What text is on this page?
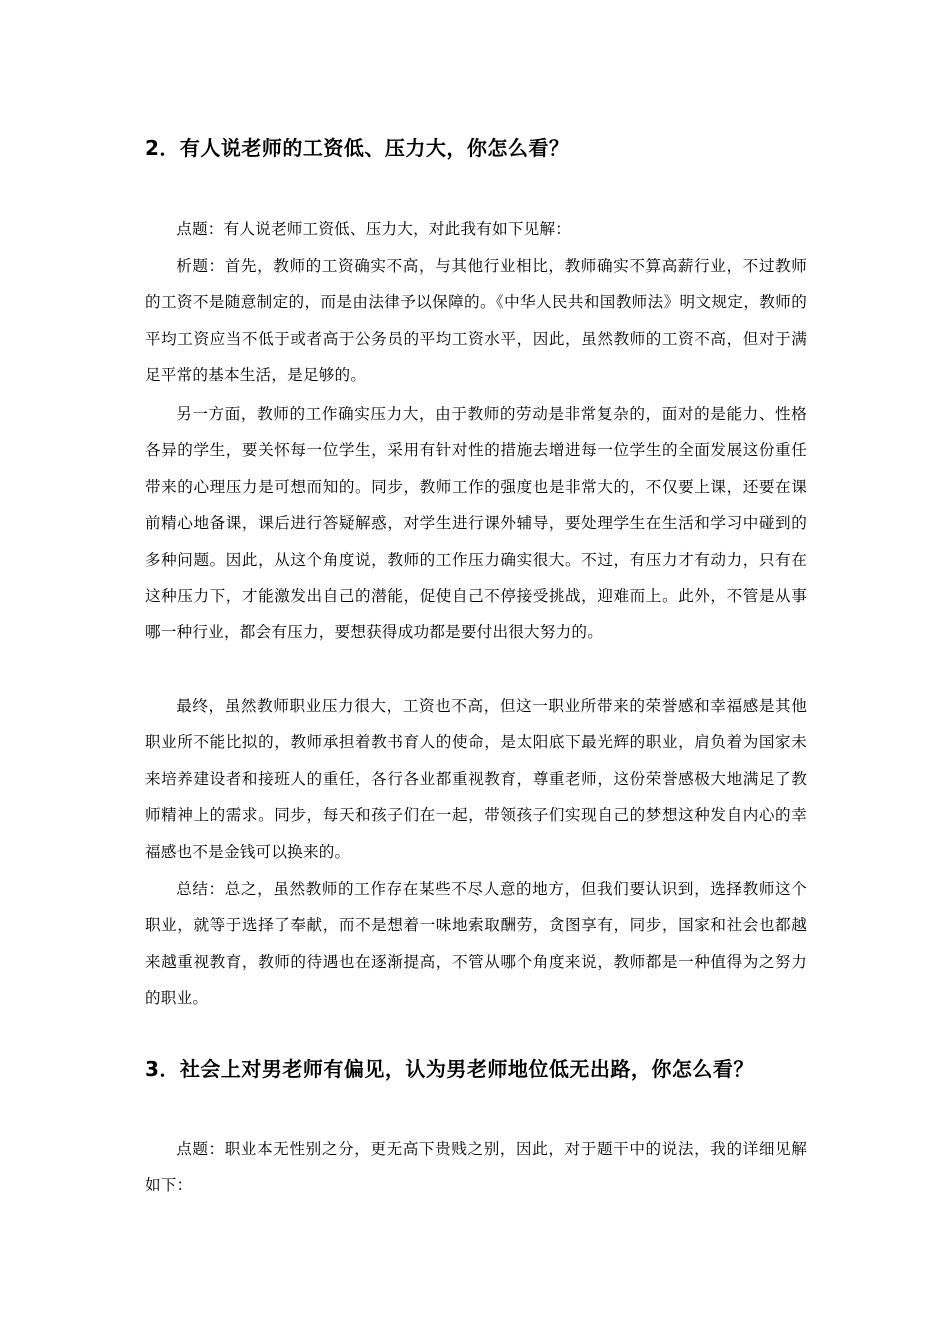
2．有人说老师的工资低、压力大，你怎么看？
点题：有人说老师工资低、压力大，对此我有如下见解：
析题：首先，教师的工资确实不高，与其他行业相比，教师确实不算高薪行业，不过教师的工资不是随意制定的，而是由法律予以保障的。《中华人民共和国教师法》明文规定，教师的平均工资应当不低于或者高于公务员的平均工资水平，因此，虽然教师的工资不高，但对于满足平常的基本生活，是足够的。
另一方面，教师的工作确实压力大，由于教师的劳动是非常复杂的，面对的是能力、性格各异的学生，要关怀每一位学生，采用有针对性的措施去增进每一位学生的全面发展这份重任带来的心理压力是可想而知的。同步，教师工作的强度也是非常大的，不仅要上课，还要在课前精心地备课，课后进行答疑解惑，对学生进行课外辅导，要处理学生在生活和学习中碰到的多种问题。因此，从这个角度说，教师的工作压力确实很大。不过，有压力才有动力，只有在这种压力下，才能激发出自己的潜能，促使自己不停接受挑战，迎难而上。此外，不管是从事哪一种行业，都会有压力，要想获得成功都是要付出很大努力的。
最终，虽然教师职业压力很大，工资也不高，但这一职业所带来的荣誉感和幸福感是其他职业所不能比拟的，教师承担着教书育人的使命，是太阳底下最光辉的职业，肩负着为国家未来培养建设者和接班人的重任，各行各业都重视教育，尊重老师，这份荣誉感极大地满足了教师精神上的需求。同步，每天和孩子们在一起，带领孩子们实现自己的梦想这种发自内心的幸福感也不是金钱可以换来的。
总结：总之，虽然教师的工作存在某些不尽人意的地方，但我们要认识到，选择教师这个职业，就等于选择了奉献，而不是想着一味地索取酬劳，贪图享有，同步，国家和社会也都越来越重视教育，教师的待遇也在逐渐提高，不管从哪个角度来说，教师都是一种值得为之努力的职业。
3．社会上对男老师有偏见，认为男老师地位低无出路，你怎么看？
点题：职业本无性别之分，更无高下贵贱之别，因此，对于题干中的说法，我的详细见解如下：
